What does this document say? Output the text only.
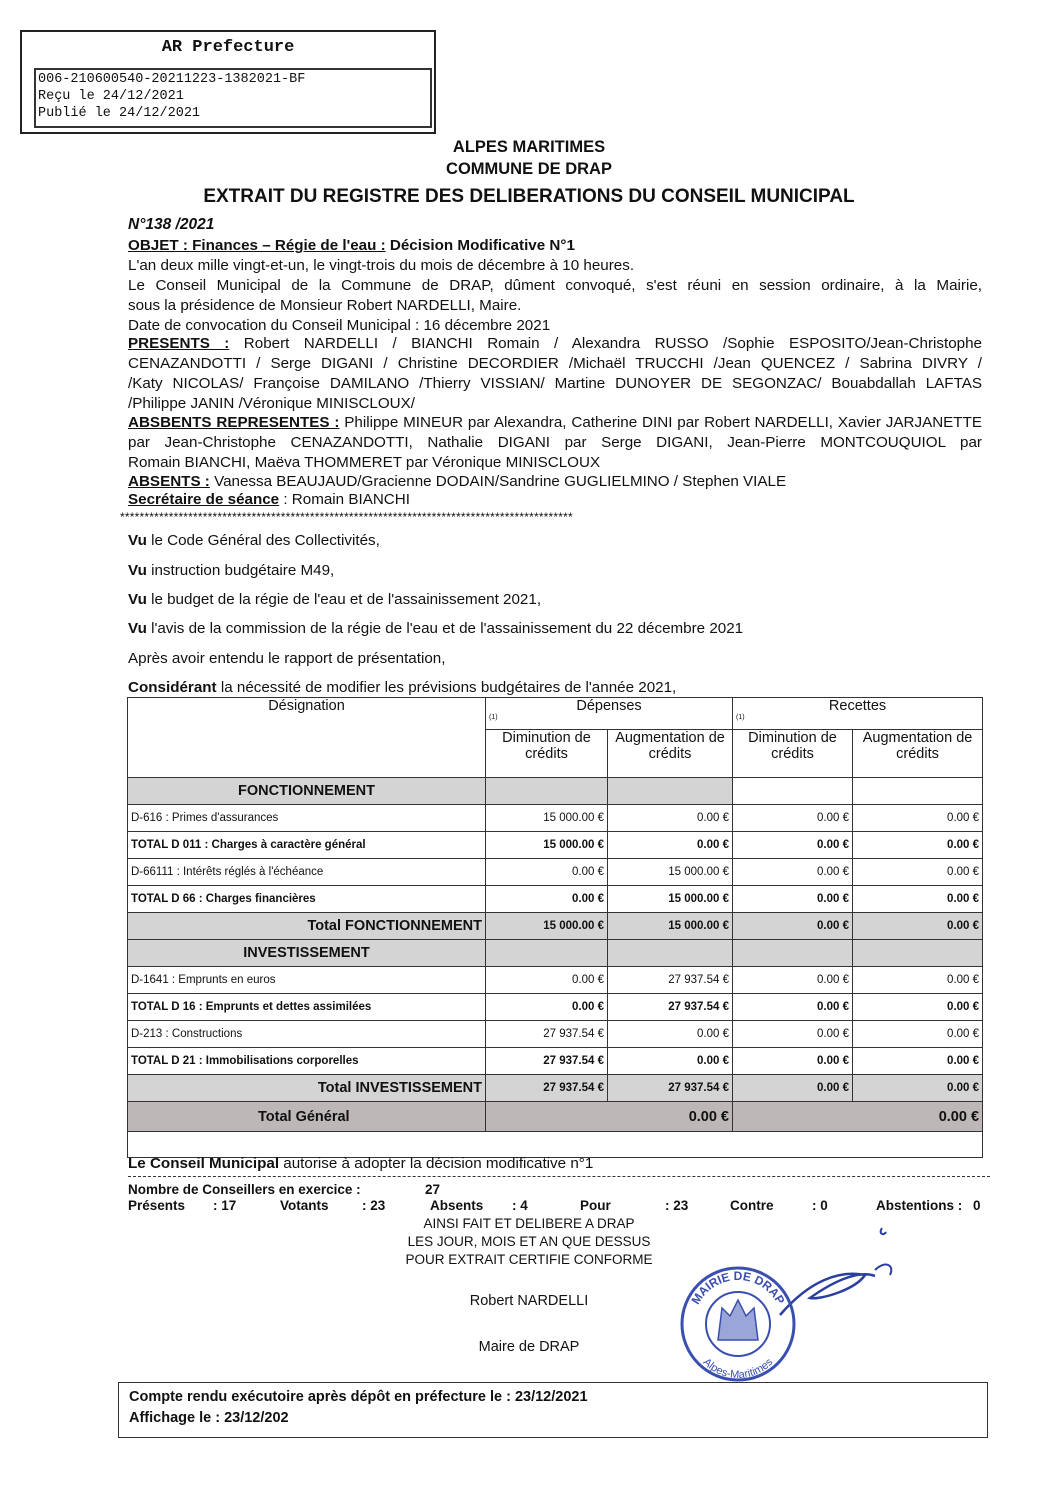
AR Prefecture
006-210600540-20211223-1382021-BF
Reçu le 24/12/2021
Publié le 24/12/2021
ALPES MARITIMES
COMMUNE DE DRAP
EXTRAIT DU REGISTRE DES DELIBERATIONS DU CONSEIL MUNICIPAL
N°138 /2021
OBJET : Finances – Régie de l'eau : Décision Modificative N°1
L'an deux mille vingt-et-un, le vingt-trois du mois de décembre à 10 heures.
Le Conseil Municipal de la Commune de DRAP, dûment convoqué, s'est réuni en session ordinaire, à la Mairie,
sous la présidence de Monsieur Robert NARDELLI, Maire.
Date de convocation du Conseil Municipal : 16 décembre 2021
PRESENTS : Robert NARDELLI / BIANCHI Romain / Alexandra RUSSO /Sophie ESPOSITO/Jean-Christophe
CENAZANDOTTI / Serge DIGANI / Christine DECORDIER /Michaël TRUCCHI /Jean QUENCEZ / Sabrina DIVRY /
/Katy NICOLAS/ Françoise DAMILANO /Thierry VISSIAN/ Martine DUNOYER DE SEGONZAC/ Bouabdallah LAFTAS
/Philippe JANIN /Véronique MINISCLOUX/
ABSBENTS REPRESENTES : Philippe MINEUR par Alexandra, Catherine DINI par Robert NARDELLI, Xavier JARJANETTE
par Jean-Christophe CENAZANDOTTI, Nathalie DIGANI par Serge DIGANI, Jean-Pierre MONTCOUQUIOL par
Romain BIANCHI, Maëva THOMMERET par Véronique MINISCLOUX
ABSENTS : Vanessa BEAUJAUD/Gracienne DODAIN/Sandrine GUGLIELMINO / Stephen VIALE
Secrétaire de séance : Romain BIANCHI
*********************************************************************************************
Vu le Code Général des Collectivités,
Vu instruction budgétaire M49,
Vu le budget de la régie de l'eau et de l'assainissement 2021,
Vu l'avis de la commission de la régie de l'eau et de l'assainissement du 22 décembre 2021
Après avoir entendu le rapport de présentation,
Considérant la nécessité de modifier les prévisions budgétaires de l'année 2021,
Désignation	Dépenses
(1)		Recettes
(1)	

	Diminution de crédits	Augmentation de crédits	Diminution de crédits	Augmentation de crédits
FONCTIONNEMENT				
D-616 : Primes d'assurances	15 000.00 €	0.00 €	0.00 €	0.00 €
TOTAL D 011 : Charges à caractère général	15 000.00 €	0.00 €	0.00 €	0.00 €
D-66111 : Intérêts réglés à l'échéance	0.00 €	15 000.00 €	0.00 €	0.00 €
TOTAL D 66 : Charges financières	0.00 €	15 000.00 €	0.00 €	0.00 €
Total FONCTIONNEMENT	15 000.00 €	15 000.00 €	0.00 €	0.00 €
INVESTISSEMENT				
D-1641 : Emprunts en euros	0.00 €	27 937.54 €	0.00 €	0.00 €
TOTAL D 16 : Emprunts et dettes assimilées	0.00 €	27 937.54 €	0.00 €	0.00 €
D-213 : Constructions	27 937.54 €	0.00 €	0.00 €	0.00 €
TOTAL D 21 : Immobilisations corporelles	27 937.54 €	0.00 €	0.00 €	0.00 €
Total INVESTISSEMENT	27 937.54 €	27 937.54 €	0.00 €	0.00 €
Total Général	0.00 €		0.00 €	

Le Conseil Municipal autorise à adopter la décision modificative n°1
Nombre de Conseillers en exercice :	27
Présents : 17	Votants : 23	Absents : 4	Pour	: 23	Contre	: 0	Abstentions : 0
AINSI FAIT ET DELIBERE A DRAP
LES JOUR, MOIS ET AN QUE DESSUS
POUR EXTRAIT CERTIFIE CONFORME
Robert NARDELLI
Maire de DRAP
MAIRIE DE DRAP
Alpes-Maritimes
Compte rendu exécutoire après dépôt en préfecture le : 23/12/2021
Affichage le : 23/12/202
